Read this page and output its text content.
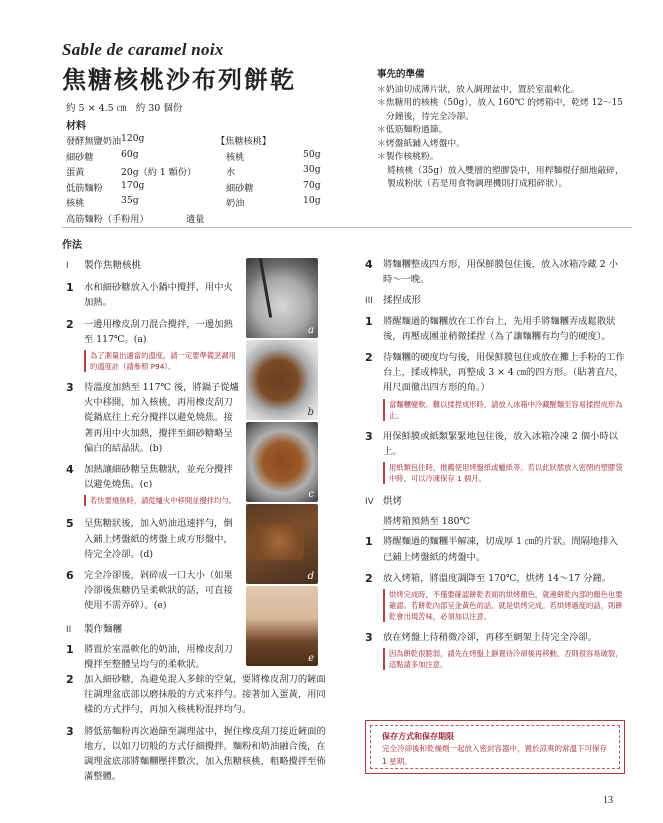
Sable de caramel noix
焦糖核桃沙布列餅乾
約 5 × 4.5 ㎝　約 30 個份
材料
發酵無鹽奶油 120g	【焦糖核桃】
細砂糖	60g	核桃	50g
蛋黃	20g（約 1 顆份）	水	30g
低筋麵粉 170g	細砂糖	70g
核桃	35g	奶油	10g
高筋麵粉（手粉用）	適量
事先的準備
＊奶油切成薄片狀，放入調理盆中，置於室溫軟化。
＊焦糖用的核桃（50g），放入 160℃ 的烤箱中，乾烤 12～15 分鐘後，待完全冷卻。
＊低筋麵粉過篩。
＊烤盤紙鋪入烤盤中。
＊製作核桃粉。
將核桃（35g）放入雙層的塑膠袋中，用桿麵棍仔細地敲碎，製成粉狀（若是用食物調理機則打成粗碎狀）。
作法
I 製作焦糖核桃
1 水和細砂糖放入小鍋中攪拌，用中火加熱。
2 一邊用橡皮刮刀混合攪拌，一邊加熱至 117℃。(a)
為了測量出適當的溫度，請一定要準備烹調用的溫度計（請參照 P94）。
3 待溫度加熱至 117℃ 後，將鍋子從爐火中移開，加入核桃，再用橡皮刮刀從鍋底往上充分攪拌以避免燒焦。接著再用中火加熱，攪拌至細砂糖略呈偏白的結晶狀。(b)
4 加熱讓細砂糖呈焦糖狀，並充分攪拌以避免燒焦。(c)
若快要燒焦時，請從爐火中移開並攪拌均勻。
5 呈焦糖狀後，加入奶油迅速拌勻，倒入鋪上烤盤紙的烤盤上或方形盤中，待完全冷卻。(d)
6 完全冷卻後，剁碎成一口大小（如果冷卻後焦糖仍呈柔軟狀的話，可直接使用不需弄碎）。(e)
II 製作麵糰
1 將置於室溫軟化的奶油，用橡皮刮刀攪拌至整體呈均勻的柔軟狀。
2 加入細砂糖，為避免混入多餘的空氣，要將橡皮刮刀的鏟面往調理盆底部以磨抹般的方式來拌勻。接著加入蛋黃，用同樣的方式拌勻，再加入核桃粉混拌均勻。
3 將低筋麵粉再次過篩至調理盆中，握住橡皮刮刀接近鏟面的地方，以如刀切般的方式仔細攪拌。麵粉和奶油融合後，在調理盆底部將麵糰壓拌數次，加入焦糖核桃，粗略攪拌至佈滿整體。
a
b
c
d
e
4 將麵糰整成四方形，用保鮮膜包住後，放入冰箱冷藏 2 小時～一晚。
III 揉捏成形
1 將醒麵過的麵糰放在工作台上，先用手將麵糰弄成鬆散狀後，再壓成團並稍微揉捏（為了讓麵糰有均勻的硬度）。
2 待麵糰的硬度均勻後，用保鮮膜包住或放在攤上手粉的工作台上，揉成棒狀，再整成 3 × 4 ㎝的四方形。（貼著直尺，用尺面徹出四方形的角。）
當麵糰變軟，難以揉捏成形時，請放入冰箱中冷藏醒麵至容易揉捏成形為止。
3 用保鮮膜或紙類緊緊地包住後，放入冰箱冷凍 2 個小時以上。
用紙類包住時，推薦使用烤盤紙或蠟紙等。若以此狀態放入密閉的塑膠袋中時，可以冷凍保存 1 個月。
IV 烘烤
將烤箱預熱至 180℃
1 將醒麵過的麵糰半解凍，切成厚 1 ㎝的片狀。間隔地排入已鋪上烤盤紙的烤盤中。
2 放入烤箱，將溫度調降至 170℃，烘烤 14～17 分鐘。
烘烤完成時，不僅要確認餅乾表面的烘烤顏色，就連餅乾內部的顏色也要確認。若餅乾內部呈金黃色的話，就是烘烤完成。若烘烤過度的話，則餅乾會出現苦味，必須加以注意。
3 放在烤盤上待稍微冷卻，再移至網架上待完全冷卻。
因為餅乾很脆弱，請先在烤盤上靜置待冷卻後再移動，否則很容易破裂，這點請多加注意。
保存方式和保存期限
完全冷卻後和乾燥劑一起放入密封容器中，置於涼爽的常溫下可保存 1 星期。
13
